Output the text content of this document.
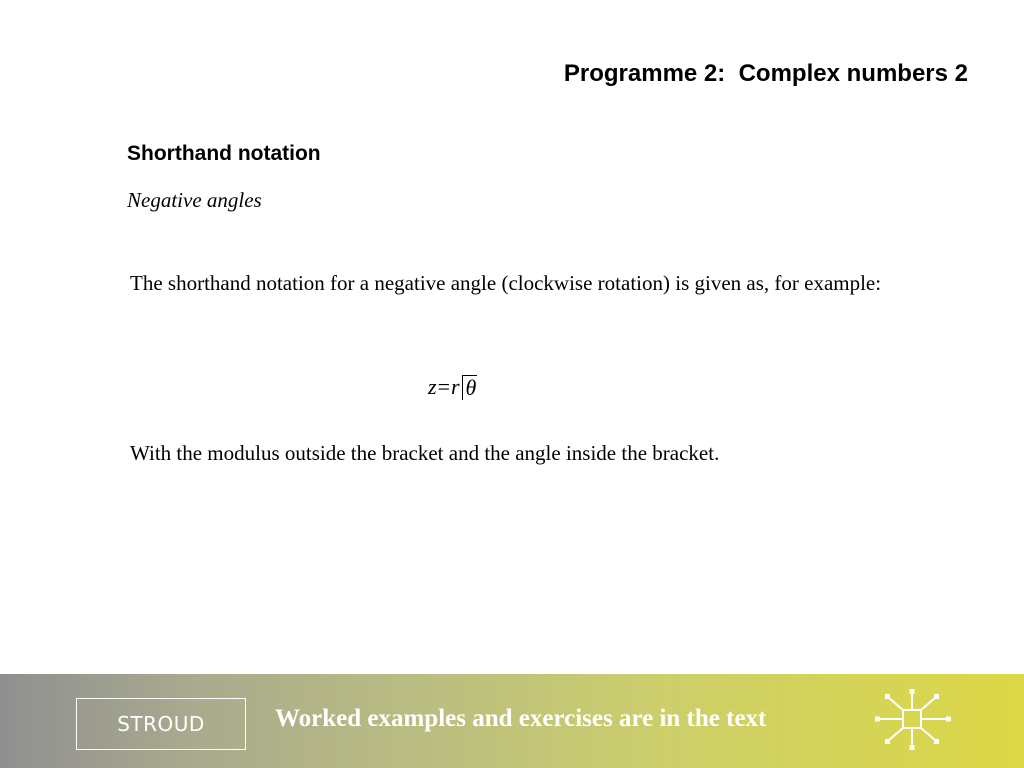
Programme 2:  Complex numbers 2
Shorthand notation
Negative angles
The shorthand notation for a negative angle (clockwise rotation) is given as, for example:
z = r θ
With the modulus outside the bracket and the angle inside the bracket.
STROUD	Worked examples and exercises are in the text
